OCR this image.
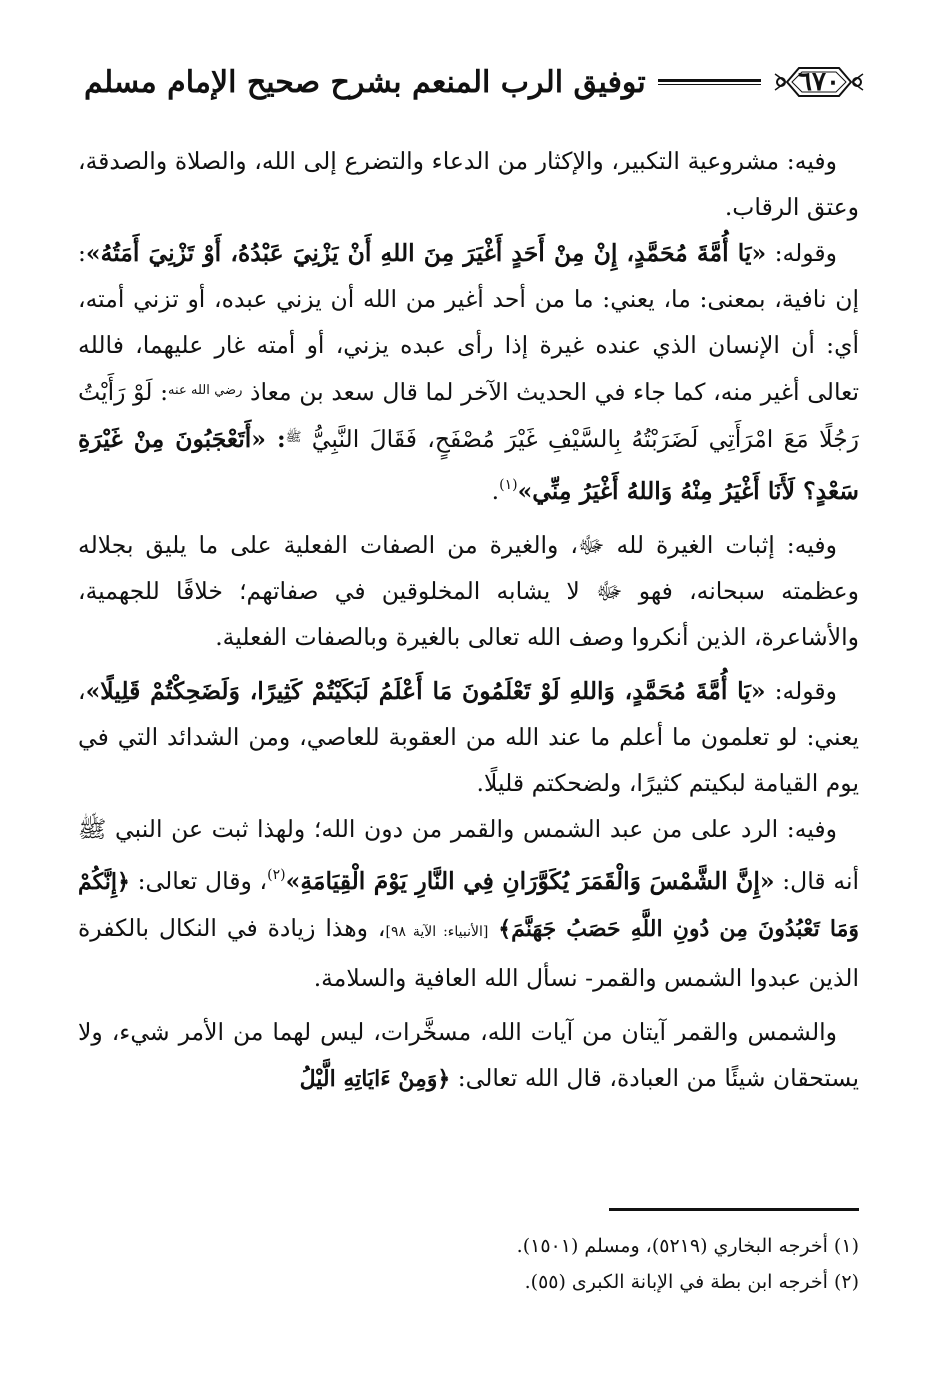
توفيق الرب المنعم بشرح صحيح الإمام مسلم	٦٧٠

وفيه: مشروعية التكبير، والإكثار من الدعاء والتضرع إلى الله، والصلاة والصدقة، وعتق الرقاب.

وقوله: «يَا أُمَّةَ مُحَمَّدٍ، إِنْ مِنْ أَحَدٍ أَغْيَرَ مِنَ اللهِ أَنْ يَزْنِيَ عَبْدُهُ، أَوْ تَزْنِيَ أَمَتُهُ»: إن نافية، بمعنى: ما، يعني: ما من أحد أغير من الله أن يزني عبده، أو تزني أمته، أي: أن الإنسان الذي عنده غيرة إذا رأى عبده يزني، أو أمته غار عليهما، فالله تعالى أغير منه، كما جاء في الحديث الآخر لما قال سعد بن معاذ $^{رضي الله عنه}$: لَوْ رَأَيْتُ رَجُلًا مَعَ امْرَأَتِي لَضَرَبْتُهُ بِالسَّيْفِ غَيْرَ مُصْفَحٍ، فَقَالَ النَّبِيُّ $^ﷺ$: «أَتَعْجَبُونَ مِنْ غَيْرَةِ سَعْدٍ؟ لَأَنَا أَغْيَرُ مِنْهُ وَاللهُ أَغْيَرُ مِنِّي»$^{(١)}$.

وفيه: إثبات الغيرة لله ﷻ، والغيرة من الصفات الفعلية على ما يليق بجلاله وعظمته سبحانه، فهو ﷻ لا يشابه المخلوقين في صفاتهم؛ خلافًا للجهمية، والأشاعرة، الذين أنكروا وصف الله تعالى بالغيرة وبالصفات الفعلية.

وقوله: «يَا أُمَّةَ مُحَمَّدٍ، وَاللهِ لَوْ تَعْلَمُونَ مَا أَعْلَمُ لَبَكَيْتُمْ كَثِيرًا، وَلَضَحِكْتُمْ قَلِيلًا»، يعني: لو تعلمون ما أعلم ما عند الله من العقوبة للعاصي، ومن الشدائد التي في يوم القيامة لبكيتم كثيرًا، ولضحكتم قليلًا.

وفيه: الرد على من عبد الشمس والقمر من دون الله؛ ولهذا ثبت عن النبي ﷺ أنه قال: «إِنَّ الشَّمْسَ وَالْقَمَرَ يُكَوَّرَانِ فِي النَّارِ يَوْمَ الْقِيَامَةِ»$^{(٢)}$، وقال تعالى: ﴿إِنَّكُمْ وَمَا تَعْبُدُونَ مِن دُونِ اللَّهِ حَصَبُ جَهَنَّمَ﴾ [الأنبياء: الآية ٩٨]، وهذا زيادة في النكال بالكفرة الذين عبدوا الشمس والقمر- نسأل الله العافية والسلامة.

والشمس والقمر آيتان من آيات الله، مسخَّرات، ليس لهما من الأمر شيء، ولا يستحقان شيئًا من العبادة، قال الله تعالى: ﴿وَمِنْ ءَايَاتِهِ الَّيْلُ

(١) أخرجه البخاري (٥٢١٩)، ومسلم (١٥٠١).
(٢) أخرجه ابن بطة في الإبانة الكبرى (٥٥).
